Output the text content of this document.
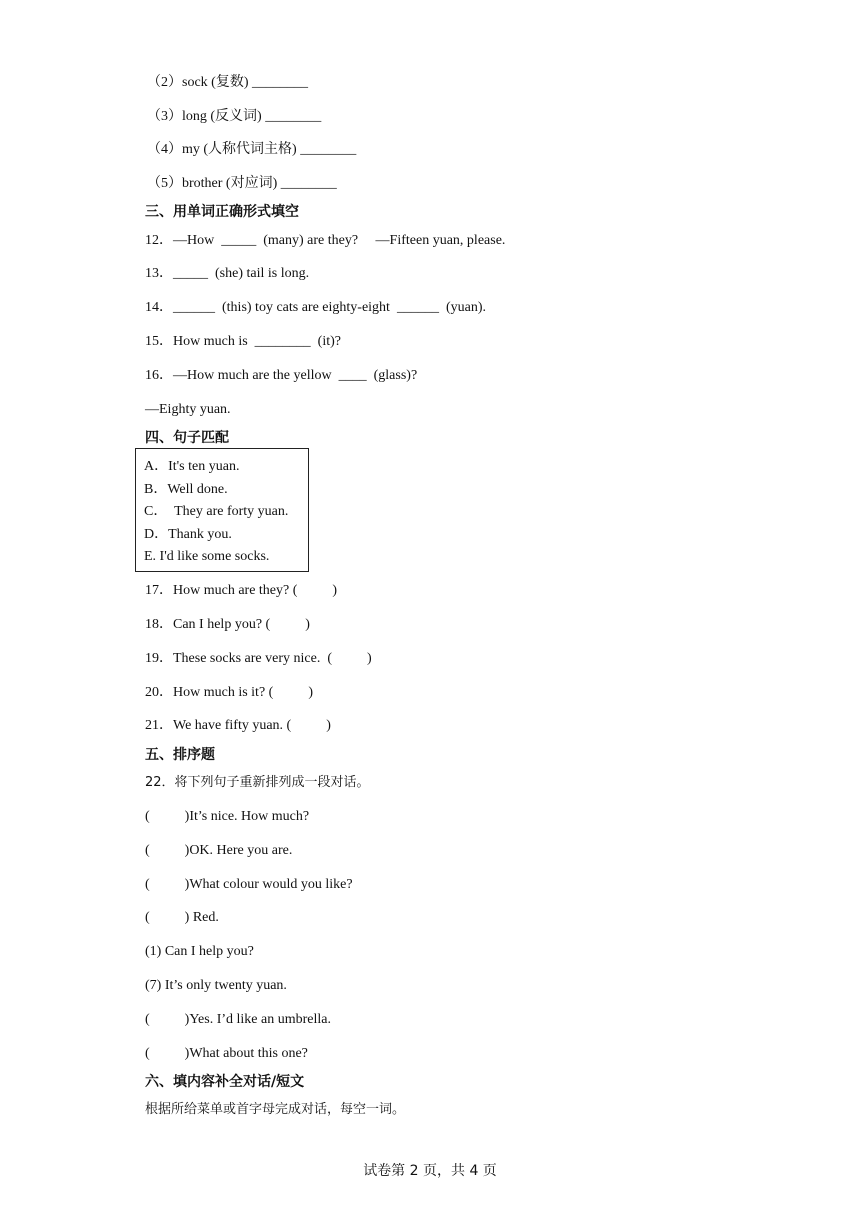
（2）sock (复数) ________
（3）long (反义词) ________
（4）my (人称代词主格) ________
（5）brother (对应词) ________
三、用单词正确形式填空
12．—How  _____  (many) are they?     —Fifteen yuan, please.
13．_____  (she) tail is long.
14．______  (this) toy cats are eighty-eight  ______  (yuan).
15．How much is  ________  (it)?
16．—How much are the yellow  ____  (glass)?
—Eighty yuan.
四、句子匹配
A．It's ten yuan.
B．Well done.
C．  They are forty yuan.
D．Thank you.
E. I'd like some socks.
17．How much are they? (          )
18．Can I help you? (          )
19．These socks are very nice.  (          )
20．How much is it? (          )
21．We have fifty yuan. (          )
五、排序题
22．将下列句子重新排列成一段对话。
(          )It’s nice. How much?
(          )OK. Here you are.
(          )What colour would you like?
(          ) Red.
(1) Can I help you?
(7) It’s only twenty yuan.
(          )Yes. I’d like an umbrella.
(          )What about this one?
六、填内容补全对话/短文
根据所给菜单或首字母完成对话，每空一词。
试卷第 2 页，共 4 页
